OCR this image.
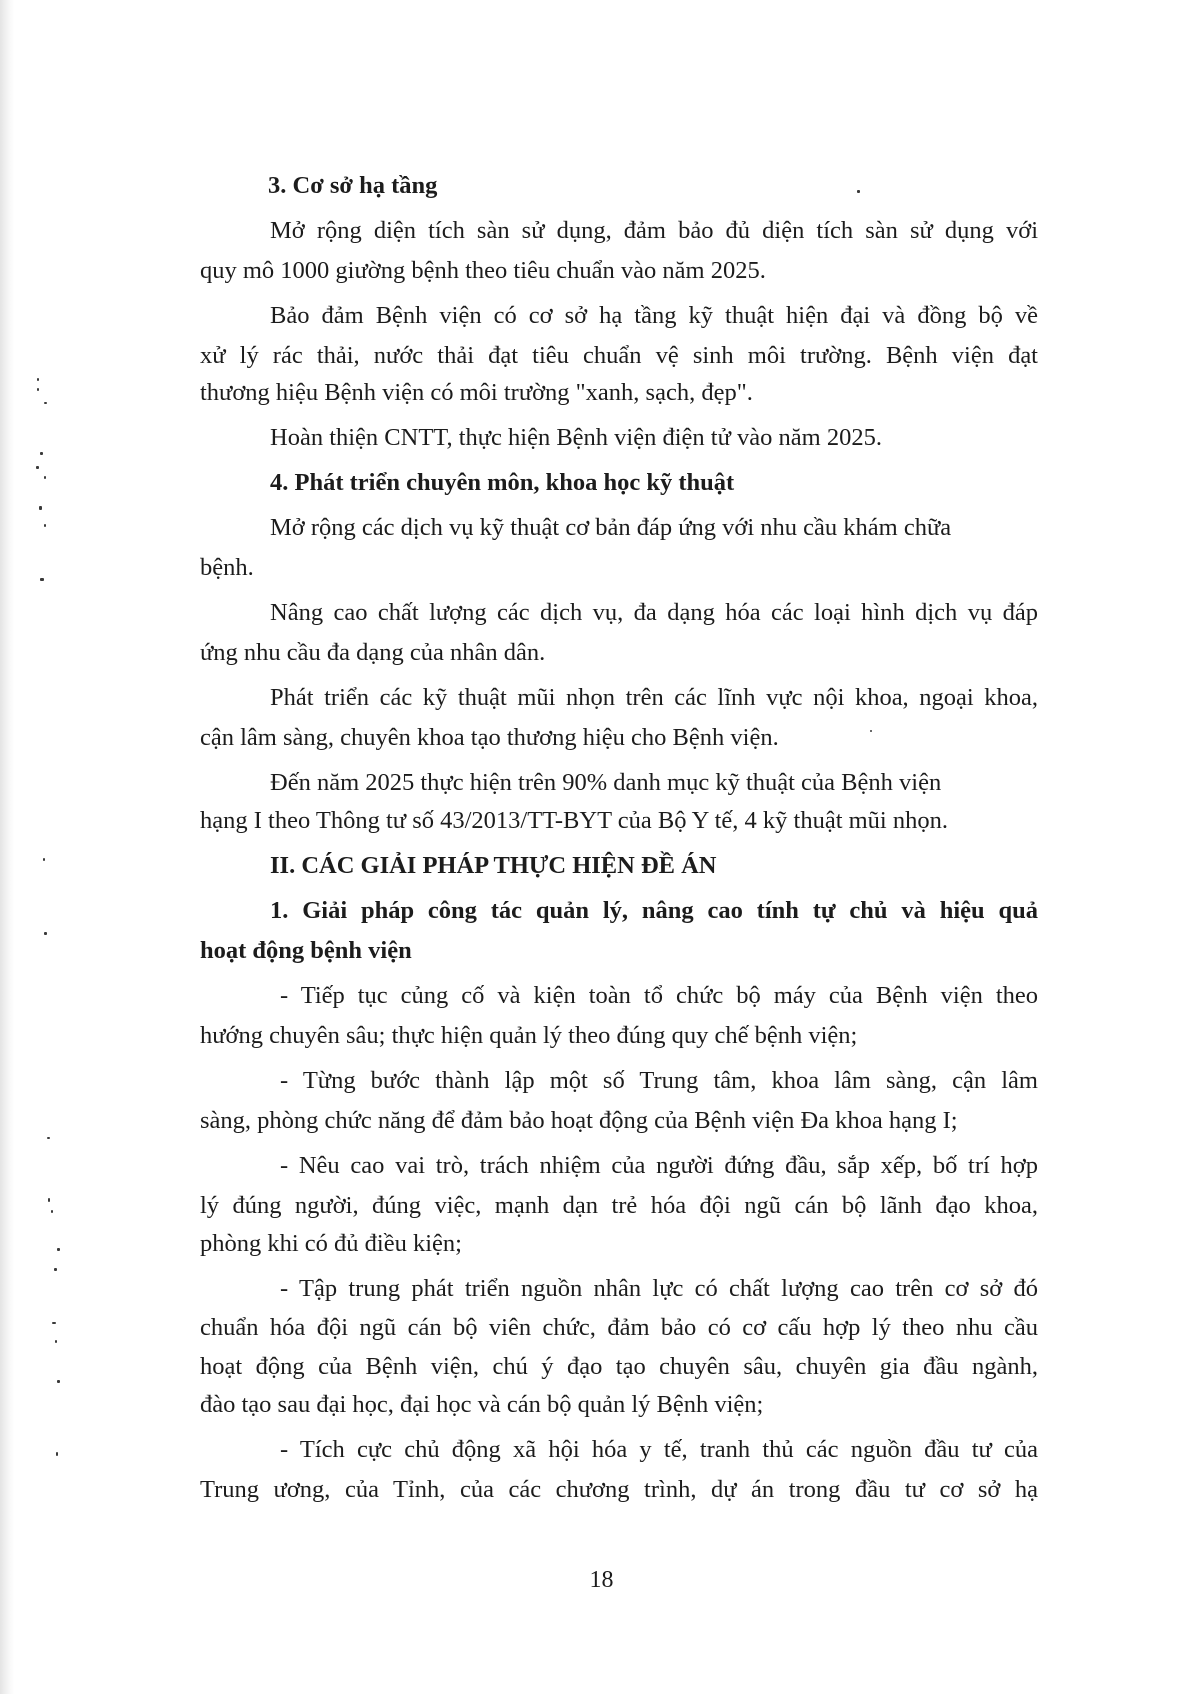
3. Cơ sở hạ tầng
Mở rộng diện tích sàn sử dụng, đảm bảo đủ diện tích sàn sử dụng với
quy mô 1000 giường bệnh theo tiêu chuẩn vào năm 2025.
Bảo đảm Bệnh viện có cơ sở hạ tầng kỹ thuật hiện đại và đồng bộ về
xử lý rác thải, nước thải đạt tiêu chuẩn vệ sinh môi trường. Bệnh viện đạt
thương hiệu Bệnh viện có môi trường "xanh, sạch, đẹp".
Hoàn thiện CNTT, thực hiện Bệnh viện điện tử vào năm 2025.
4. Phát triển chuyên môn, khoa học kỹ thuật
Mở rộng các dịch vụ kỹ thuật cơ bản đáp ứng với nhu cầu khám chữa
bệnh.
Nâng cao chất lượng các dịch vụ, đa dạng hóa các loại hình dịch vụ đáp
ứng nhu cầu đa dạng của nhân dân.
Phát triển các kỹ thuật mũi nhọn trên các lĩnh vực nội khoa, ngoại khoa,
cận lâm sàng, chuyên khoa tạo thương hiệu cho Bệnh viện.
Đến năm 2025 thực hiện trên 90% danh mục kỹ thuật của Bệnh viện
hạng I theo Thông tư số 43/2013/TT-BYT của Bộ Y tế, 4 kỹ thuật mũi nhọn.
II. CÁC GIẢI PHÁP THỰC HIỆN ĐỀ ÁN
1. Giải pháp công tác quản lý, nâng cao tính tự chủ và hiệu quả
hoạt động bệnh viện
- Tiếp tục củng cố và kiện toàn tổ chức bộ máy của Bệnh viện theo
hướng chuyên sâu; thực hiện quản lý theo đúng quy chế bệnh viện;
- Từng bước thành lập một số Trung tâm, khoa lâm sàng, cận lâm
sàng, phòng chức năng để đảm bảo hoạt động của Bệnh viện Đa khoa hạng I;
- Nêu cao vai trò, trách nhiệm của người đứng đầu, sắp xếp, bố trí hợp
lý đúng người, đúng việc, mạnh dạn trẻ hóa đội ngũ cán bộ lãnh đạo khoa,
phòng khi có đủ điều kiện;
- Tập trung phát triển nguồn nhân lực có chất lượng cao trên cơ sở đó
chuẩn hóa đội ngũ cán bộ viên chức, đảm bảo có cơ cấu hợp lý theo nhu cầu
hoạt động của Bệnh viện, chú ý đạo tạo chuyên sâu, chuyên gia đầu ngành,
đào tạo sau đại học, đại học và cán bộ quản lý Bệnh viện;
- Tích cực chủ động xã hội hóa y tế, tranh thủ các nguồn đầu tư của
Trung ương, của Tỉnh, của các chương trình, dự án trong đầu tư cơ sở hạ
18
